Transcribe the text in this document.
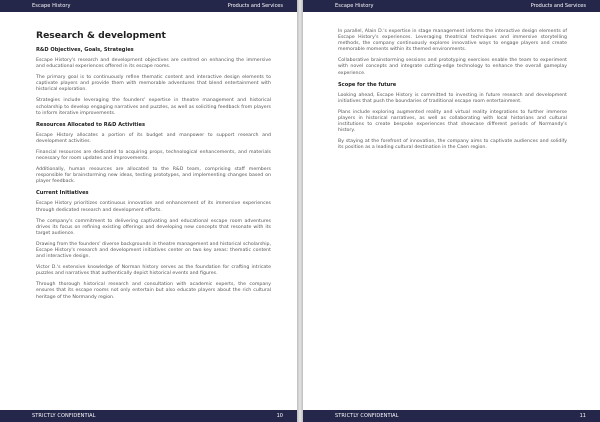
Escape History	Products and Services
Research & development
R&D Objectives, Goals, Strategies

Escape History's research and development objectives are centred on enhancing the immersive and educational experiences offered in its escape rooms.

The primary goal is to continuously refine thematic content and interactive design elements to captivate players and provide them with memorable adventures that blend entertainment with historical exploration.

Strategies include leveraging the founders' expertise in theatre management and historical scholarship to develop engaging narratives and puzzles, as well as soliciting feedback from players to inform iterative improvements.

Resources Allocated to R&D Activities

Escape History allocates a portion of its budget and manpower to support research and development activities.

Financial resources are dedicated to acquiring props, technological enhancements, and materials necessary for room updates and improvements.

Additionally, human resources are allocated to the R&D team, comprising staff members responsible for brainstorming new ideas, testing prototypes, and implementing changes based on player feedback.

Current Initiatives

Escape History prioritizes continuous innovation and enhancement of its immersive experiences through dedicated research and development efforts.

The company's commitment to delivering captivating and educational escape room adventures drives its focus on refining existing offerings and developing new concepts that resonate with its target audience.

Drawing from the founders' diverse backgrounds in theatre management and historical scholarship, Escape History's research and development initiatives center on two key areas: thematic content and interactive design.

Victor D.'s extensive knowledge of Norman history serves as the foundation for crafting intricate puzzles and narratives that authentically depict historical events and figures.

Through thorough historical research and consultation with academic experts, the company ensures that its escape rooms not only entertain but also educate players about the rich cultural heritage of the Normandy region.

STRICTLY CONFIDENTIAL	10
Escape History	Products and Services

In parallel, Alain D.'s expertise in stage management informs the interactive design elements of Escape History's experiences. Leveraging theatrical techniques and immersive storytelling methods, the company continuously explores innovative ways to engage players and create memorable moments within its themed environments.

Collaborative brainstorming sessions and prototyping exercises enable the team to experiment with novel concepts and integrate cutting-edge technology to enhance the overall gameplay experience.

Scope for the future

Looking ahead, Escape History is committed to investing in future research and development initiatives that push the boundaries of traditional escape room entertainment.

Plans include exploring augmented reality and virtual reality integrations to further immerse players in historical narratives, as well as collaborating with local historians and cultural institutions to create bespoke experiences that showcase different periods of Normandy's history.

By staying at the forefront of innovation, the company aims to captivate audiences and solidify its position as a leading cultural destination in the Caen region.

STRICTLY CONFIDENTIAL	11
